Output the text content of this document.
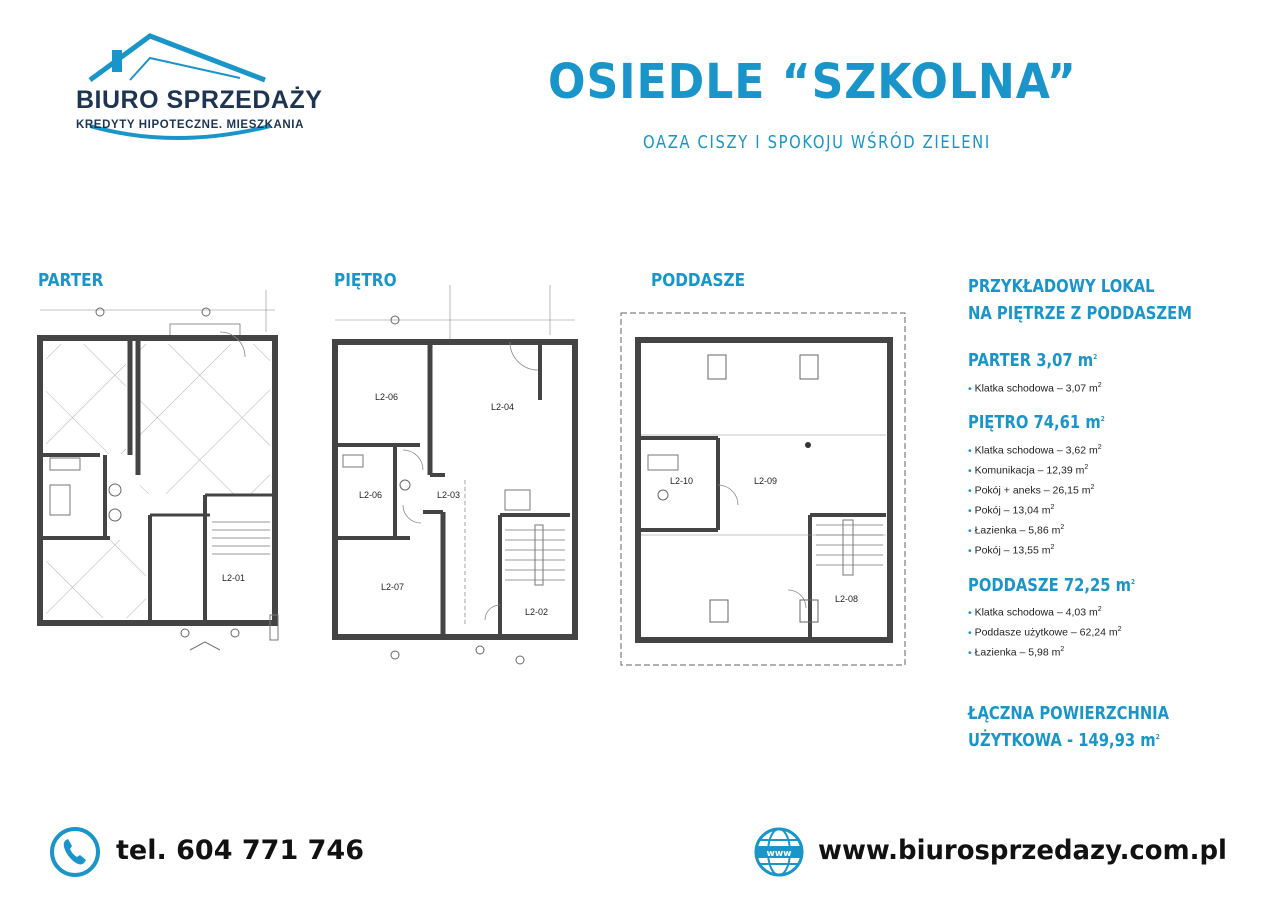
BIURO SPRZEDAŻY
KREDYTY HIPOTECZNE. MIESZKANIA
OSIEDLE “SZKOLNA”
OAZA CISZY I SPOKOJU WŚRÓD ZIELENI
PARTER	PIĘTRO	PODDASZE
L2-01
L2-06
L2-04
L2-06	L2-03
L2-07
L2-02
L2-10	L2-09
L2-08
PRZYKŁADOWY LOKAL
NA PIĘTRZE Z PODDASZEM
PARTER 3,07 $m^2$
• Klatka schodowa – 3,07 $m^2$
PIĘTRO 74,61 $m^2$
• Klatka schodowa – 3,62 $m^2$
• Komunikacja – 12,39 $m^2$
• Pokój + aneks – 26,15 $m^2$
• Pokój – 13,04 $m^2$
• Łazienka – 5,86 $m^2$
• Pokój – 13,55 $m^2$
PODDASZE 72,25 $m^2$
• Klatka schodowa – 4,03 $m^2$
• Poddasze użytkowe – 62,24 $m^2$
• Łazienka – 5,98 $m^2$
ŁĄCZNA POWIERZCHNIA
UŻYTKOWA - 149,93 $m^2$
tel. 604 771 746	www www.biurosprzedazy.com.pl
